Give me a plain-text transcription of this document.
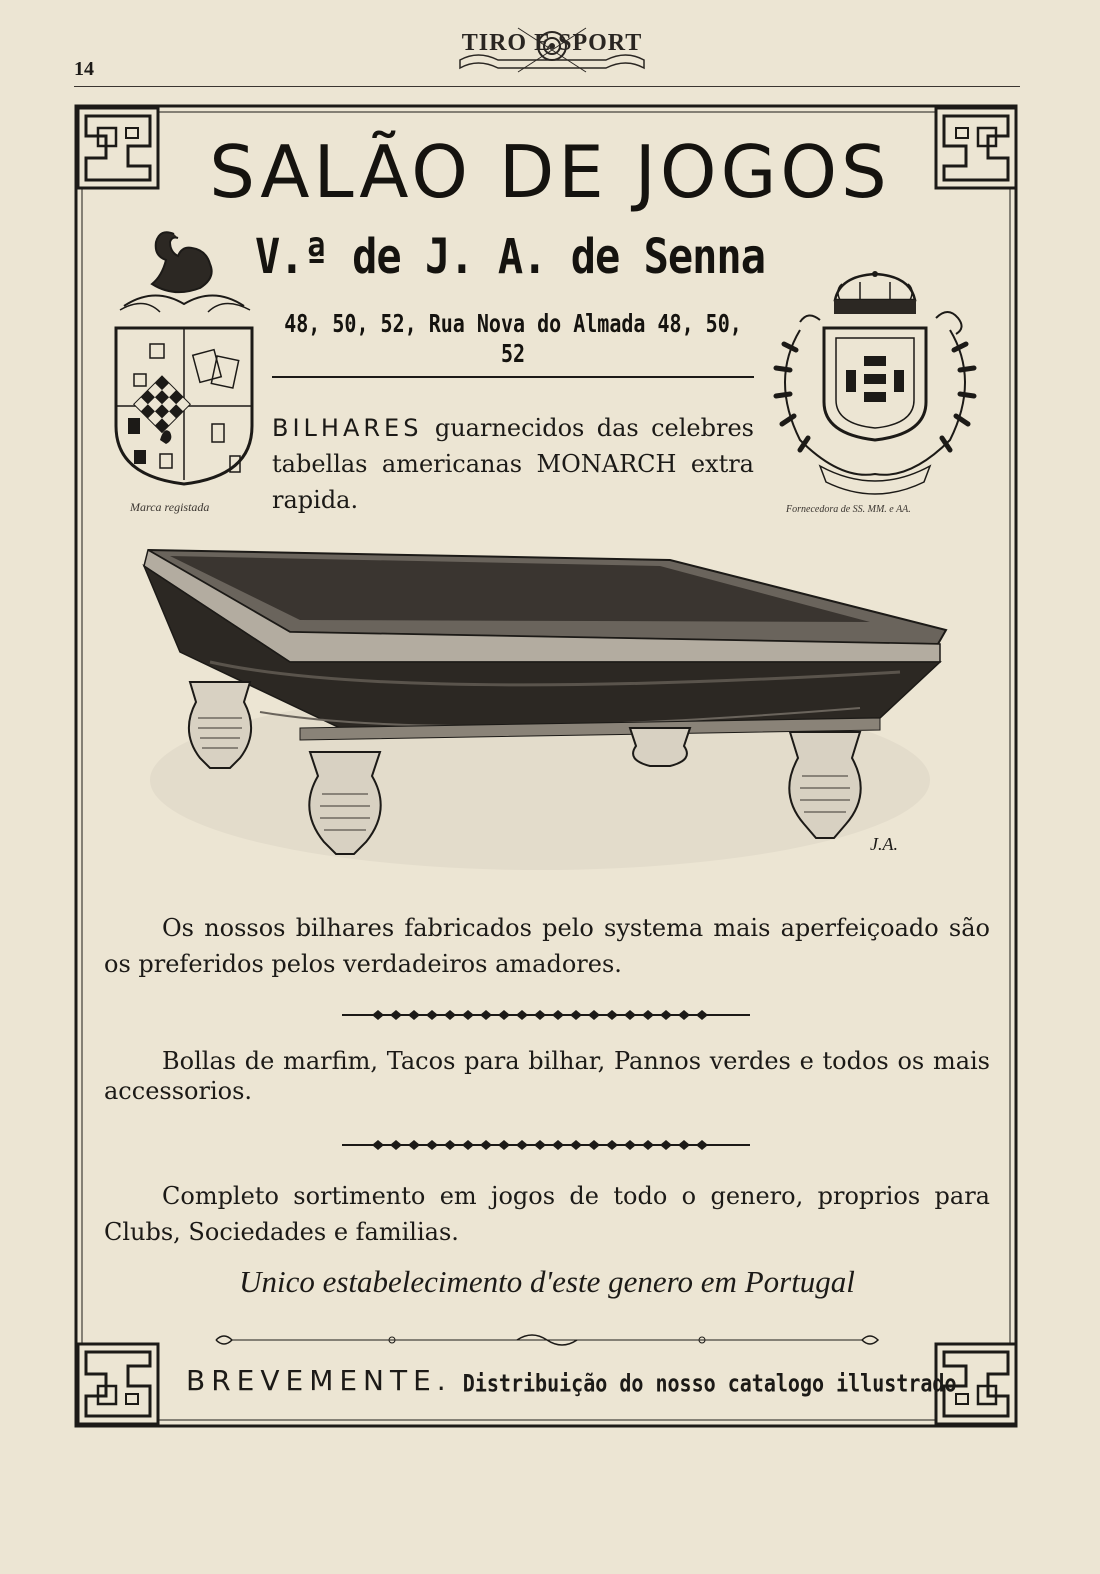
14
TIRO E SPORT
SALÃO DE JOGOS
V.ª de J. A. de Senna
48, 50, 52, Rua Nova do Almada 48, 50, 52
BILHARES guarnecidos das celebres tabellas americanas MONARCH extra rapida.
Marca registada	Fornecedora de SS. MM. e AA.
J.A.
Os nossos bilhares fabricados pelo systema mais aperfeiçoado são os preferidos pelos verdadeiros amadores.
Bollas de marfim, Tacos para bilhar, Pannos verdes e todos os mais accessorios.
Completo sortimento em jogos de todo o genero, proprios para Clubs, Sociedades e familias.
Unico estabelecimento d'este genero em Portugal
BREVEMENTE. Distribuição do nosso catalogo illustrado
